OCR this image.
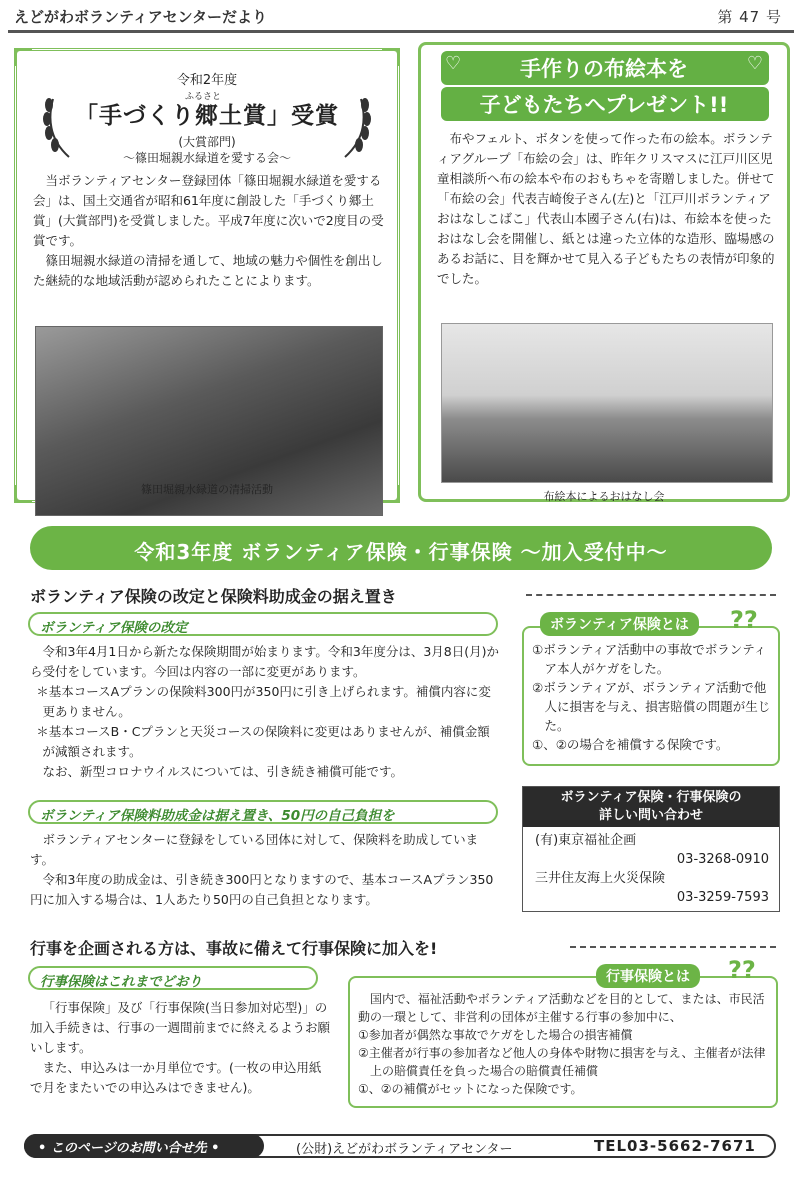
えどがわボランティアセンターだより	第 47 号
令和2年度
ふるさと
「手づくり郷土賞」受賞
(大賞部門)
～篠田堀親水緑道を愛する会～

当ボランティアセンター登録団体「篠田堀親水緑道を愛する会」は、国土交通省が昭和61年度に創設した「手づくり郷土賞」(大賞部門)を受賞しました。平成7年度に次いで2度目の受賞です。

篠田堀親水緑道の清掃を通して、地域の魅力や個性を創出した継続的な地域活動が認められたことによります。

篠田堀親水緑道の清掃活動
♡	♡
手作りの布絵本を
子どもたちへプレゼント!!
布やフェルト、ボタンを使って作った布の絵本。ボランティアグループ「布絵の会」は、昨年クリスマスに江戸川区児童相談所へ布の絵本や布のおもちゃを寄贈しました。併せて「布絵の会」代表吉崎俊子さん(左)と「江戸川ボランティアおはなしこばこ」代表山本國子さん(右)は、布絵本を使ったおはなし会を開催し、紙とは違った立体的な造形、臨場感のあるお話に、目を輝かせて見入る子どもたちの表情が印象的でした。
布絵本によるおはなし会
令和3年度 ボランティア保険・行事保険 ～加入受付中～
ボランティア保険の改定と保険料助成金の据え置き
ボランティア保険の改定

令和3年4月1日から新たな保険期間が始まります。令和3年度分は、3月8日(月)から受付をしています。今回は内容の一部に変更があります。

＊基本コースAプランの保険料300円が350円に引き上げられます。補償内容に変更ありません。

＊基本コースB・Cプランと天災コースの保険料に変更はありませんが、補償金額が減額されます。

なお、新型コロナウイルスについては、引き続き補償可能です。

ボランティア保険料助成金は据え置き、50円の自己負担を

ボランティアセンターに登録をしている団体に対して、保険料を助成しています。

令和3年度の助成金は、引き続き300円となりますので、基本コースAプラン350円に加入する場合は、1人あたり50円の自己負担となります。

ボランティア保険とは	??

①ボランティア活動中の事故でボランティア本人がケガをした。

②ボランティアが、ボランティア活動で他人に損害を与え、損害賠償の問題が生じた。

①、②の場合を補償する保険です。

ボランティア保険・行事保険の
詳しい問い合わせ
(有)東京福祉企画
03-3268-0910
三井住友海上火災保険
03-3259-7593
行事を企画される方は、事故に備えて行事保険に加入を!
行事保険はこれまでどおり

「行事保険」及び「行事保険(当日参加対応型)」の加入手続きは、行事の一週間前までに終えるようお願いします。

また、申込みは一か月単位です。(一枚の申込用紙で月をまたいでの申込みはできません)。

行事保険とは	??

国内で、福祉活動やボランティア活動などを目的として、または、市民活動の一環として、非営利の団体が主催する行事の参加中に、

①参加者が偶然な事故でケガをした場合の損害補償

②主催者が行事の参加者など他人の身体や財物に損害を与え、主催者が法律上の賠償責任を負った場合の賠償責任補償

①、②の補償がセットになった保険です。

• このページのお問い合せ先 •	(公財)えどがわボランティアセンター	TEL03-5662-7671
